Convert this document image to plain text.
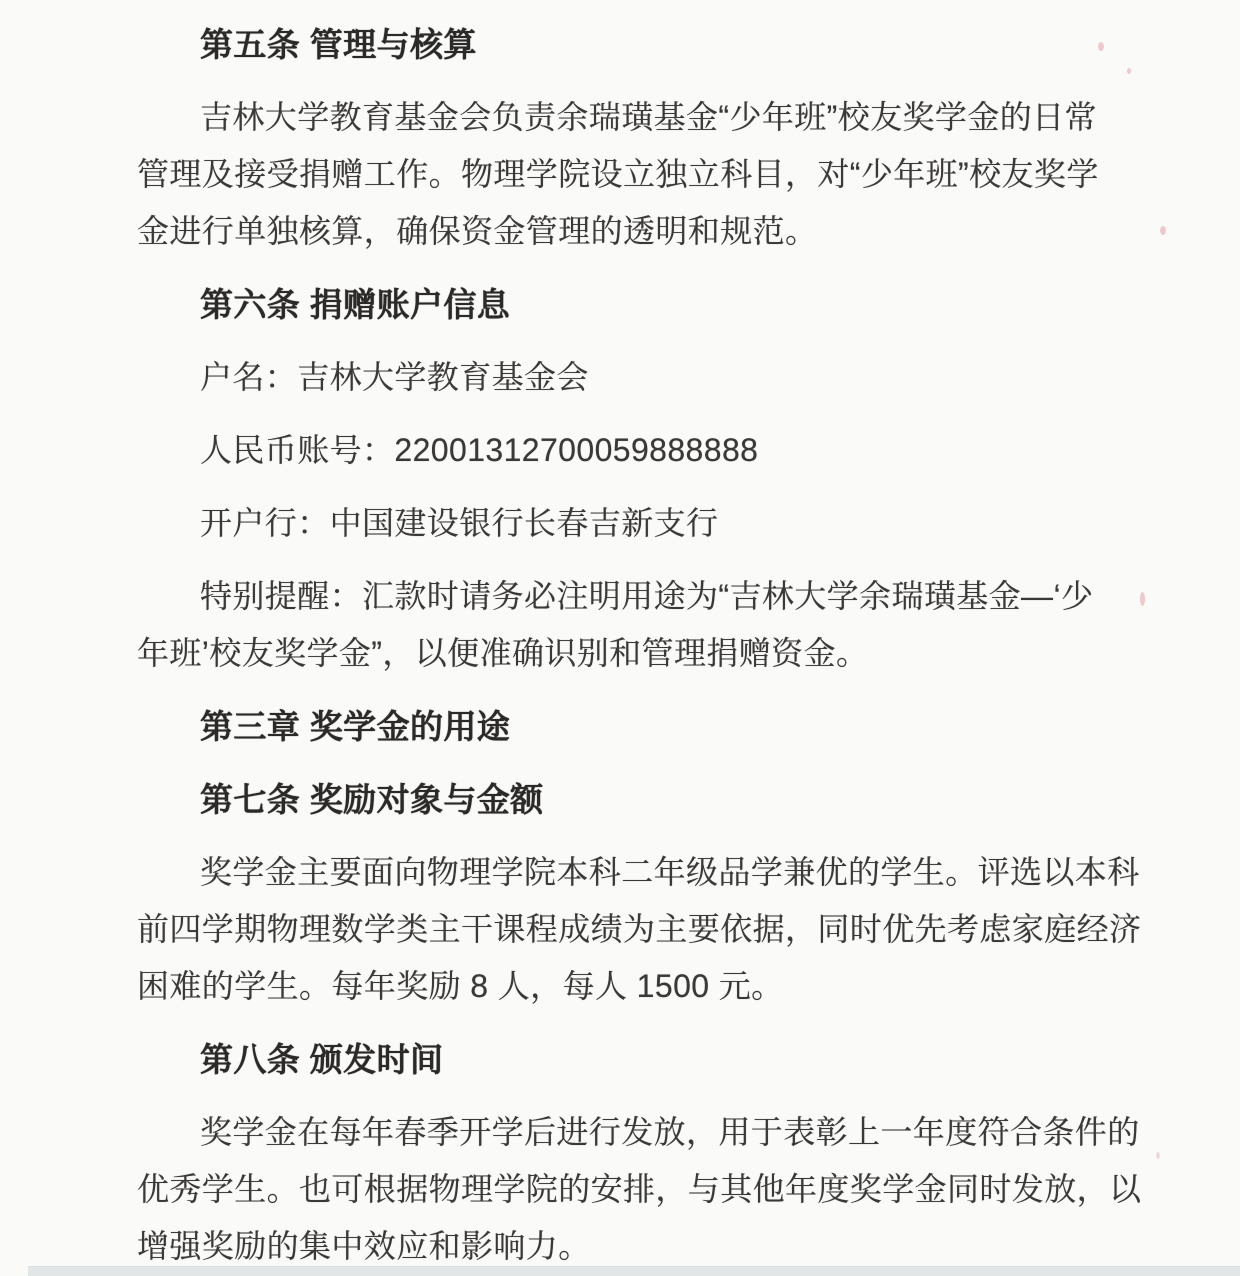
第五条 管理与核算
吉林大学教育基金会负责余瑞璜基金“少年班”校友奖学金的日常
管理及接受捐赠工作。物理学院设立独立科目，对“少年班”校友奖学
金进行单独核算，确保资金管理的透明和规范。
第六条 捐赠账户信息
户名：吉林大学教育基金会
人民币账号：22001312700059888888
开户行：中国建设银行长春吉新支行
特别提醒：汇款时请务必注明用途为“吉林大学余瑞璜基金—‘少
年班’校友奖学金”，以便准确识别和管理捐赠资金。
第三章 奖学金的用途
第七条 奖励对象与金额
奖学金主要面向物理学院本科二年级品学兼优的学生。评选以本科
前四学期物理数学类主干课程成绩为主要依据，同时优先考虑家庭经济
困难的学生。每年奖励 8 人，每人 1500 元。
第八条 颁发时间
奖学金在每年春季开学后进行发放，用于表彰上一年度符合条件的
优秀学生。也可根据物理学院的安排，与其他年度奖学金同时发放，以
增强奖励的集中效应和影响力。
